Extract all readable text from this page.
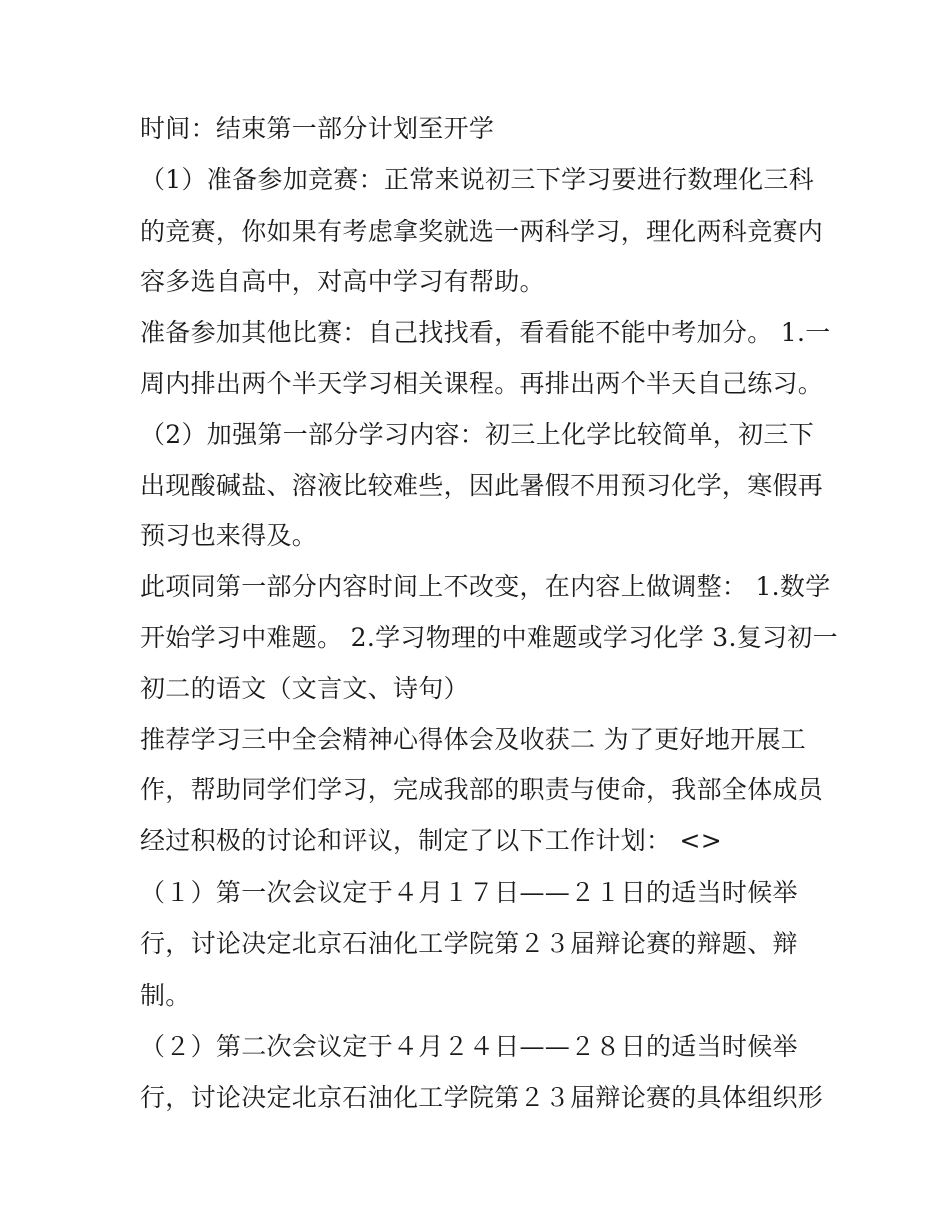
时间：结束第一部分计划至开学
（1）准备参加竞赛：正常来说初三下学习要进行数理化三科
的竞赛，你如果有考虑拿奖就选一两科学习，理化两科竞赛内
容多选自高中，对高中学习有帮助。
准备参加其他比赛：自己找找看，看看能不能中考加分。 1.一
周内排出两个半天学习相关课程。再排出两个半天自己练习。
（2）加强第一部分学习内容：初三上化学比较简单，初三下
出现酸碱盐、溶液比较难些，因此暑假不用预习化学，寒假再
预习也来得及。
此项同第一部分内容时间上不改变，在内容上做调整： 1.数学
开始学习中难题。 2.学习物理的中难题或学习化学 3.复习初一
初二的语文（文言文、诗句）
推荐学习三中全会精神心得体会及收获二 为了更好地开展工
作，帮助同学们学习，完成我部的职责与使命，我部全体成员
经过积极的讨论和评议，制定了以下工作计划： <>
（１）第一次会议定于４月１７日——２１日的适当时候举
行，讨论决定北京石油化工学院第２３届辩论赛的辩题、辩
制。
（２）第二次会议定于４月２４日——２８日的适当时候举
行，讨论决定北京石油化工学院第２３届辩论赛的具体组织形
